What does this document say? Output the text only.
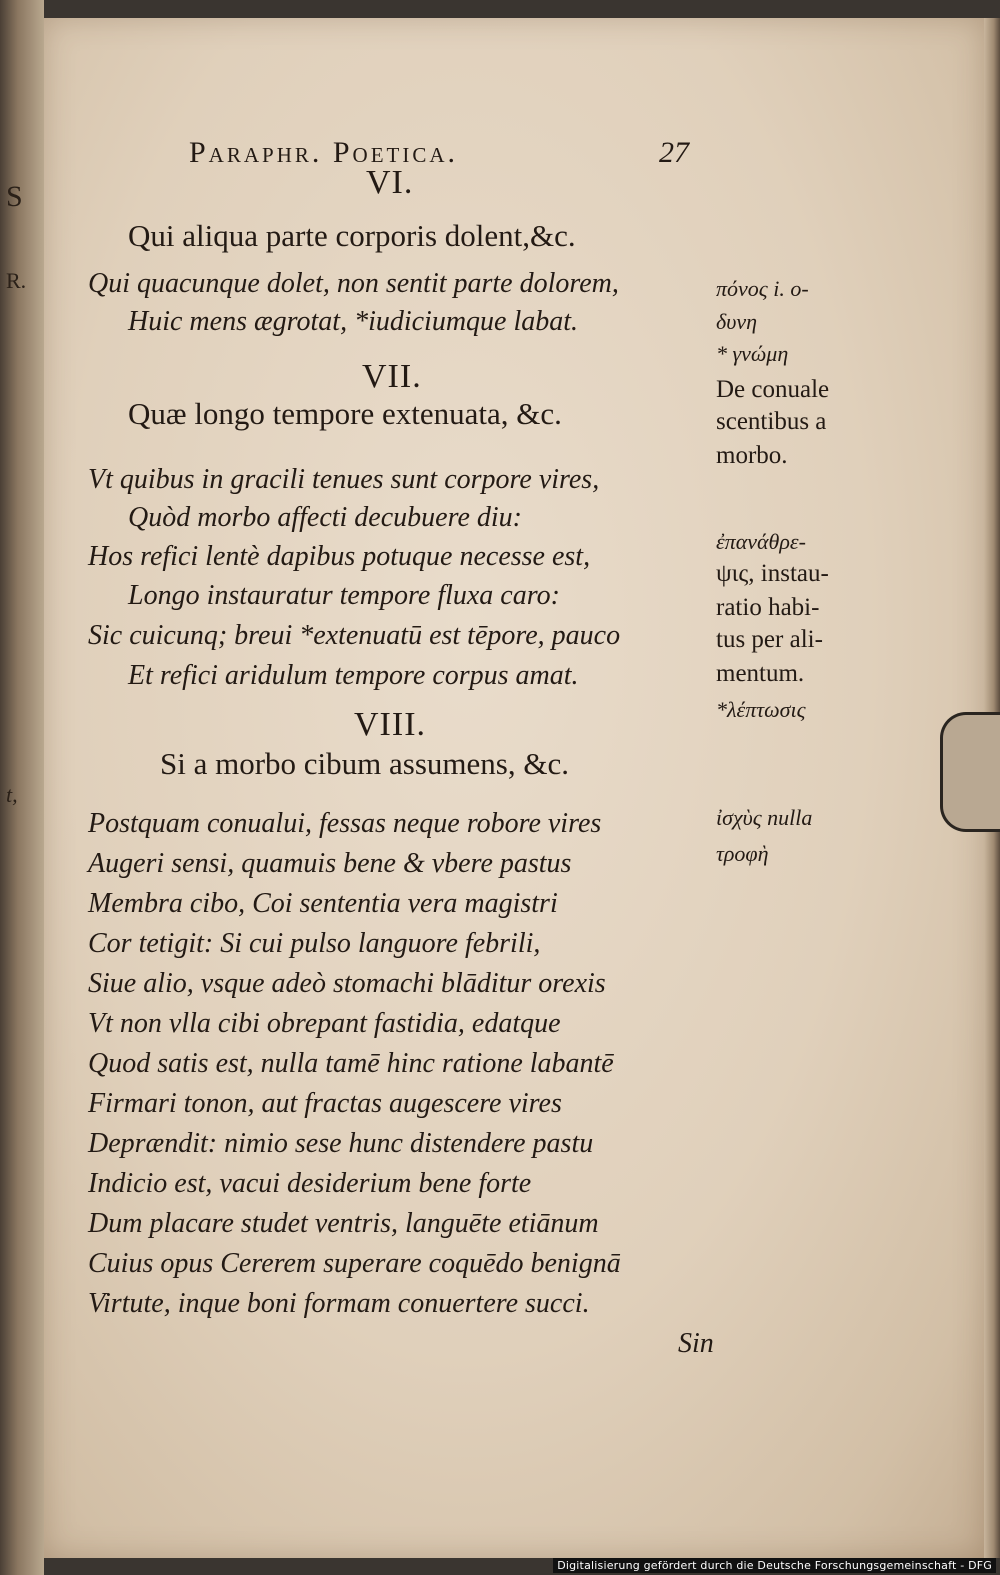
S
R.
t,
Paraphr. Poetica.	27
VI.
Qui aliqua parte corporis dolent,&c.
Qui quacunque dolet, non sentit parte dolorem,
Huic mens ægrotat, *iudiciumque labat.
VII.
Quæ longo tempore extenuata, &c.
Vt quibus in gracili tenues sunt corpore vires,
Quòd morbo affecti decubuere diu:
Hos refici lentè dapibus potuque necesse est,
Longo instauratur tempore fluxa caro:
Sic cuicunq; breui *extenuatū est tēpore, pauco
Et refici aridulum tempore corpus amat.
VIII.
Si a morbo cibum assumens, &c.
Postquam conualui, fessas neque robore vires
Augeri sensi, quamuis bene & vbere pastus
Membra cibo, Coi sententia vera magistri
Cor tetigit: Si cui pulso languore febrili,
Siue alio, vsque adeò stomachi blāditur orexis
Vt non vlla cibi obrepant fastidia, edatque
Quod satis est, nulla tamē hinc ratione labantē
Firmari tonon, aut fractas augescere vires
Deprændit: nimio sese hunc distendere pastu
Indicio est, vacui desiderium bene forte
Dum placare studet ventris, languēte etiānum
Cuius opus Cererem superare coquēdo benignā
Virtute, inque boni formam conuertere succi.
Sin
πόνος i. ο-
δυνη
* γνώμη
De conuale
scentibus a
morbo.
ἐπανάθρε-
ψις, instau-
ratio habi-
tus per ali-
mentum.
*λέπτωσις
ἰσχὺς nulla
τροφὴ
Digitalisierung gefördert durch die Deutsche Forschungsgemeinschaft - DFG
